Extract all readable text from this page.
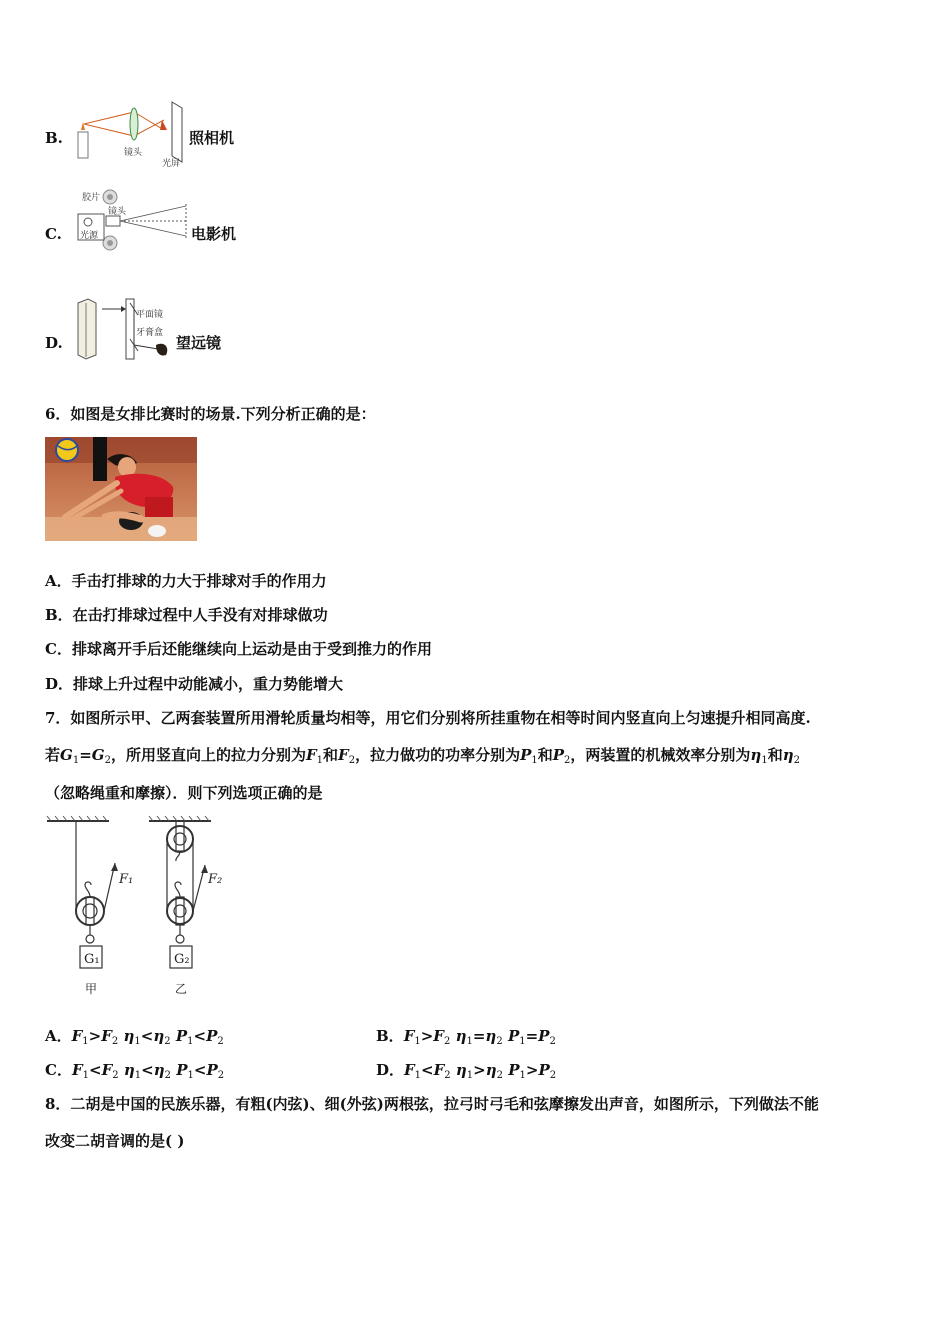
B.
镜头
光屏
照相机
C.
胶片
镜头
光源	电影机
D.
平面镜
牙膏盒
望远镜
6．如图是女排比赛时的场景.下列分析正确的是：
A．手击打排球的力大于排球对手的作用力
B．在击打排球过程中人手没有对排球做功
C．排球离开手后还能继续向上运动是由于受到推力的作用
D．排球上升过程中动能减小，重力势能增大
7．如图所示甲、乙两套装置所用滑轮质量均相等，用它们分别将所挂重物在相等时间内竖直向上匀速提升相同高度.
若$G_1=G_2$，所用竖直向上的拉力分别为$F_1$和$F_2$，拉力做功的功率分别为$P_1$和$P_2$，两装置的机械效率分别为$\eta_1$和$\eta_2$
（忽略绳重和摩擦）．则下列选项正确的是
F₁
G₁
甲
F₂
G₂
乙
A．$F_1>F_2$ $\eta_1<\eta_2$ $P_1<P_2$	B．$F_1>F_2$ $\eta_1=\eta_2$ $P_1=P_2$
C．$F_1<F_2$ $\eta_1<\eta_2$ $P_1<P_2$	D．$F_1<F_2$ $\eta_1>\eta_2$ $P_1>P_2$
8．二胡是中国的民族乐器，有粗(内弦)、细(外弦)两根弦，拉弓时弓毛和弦摩擦发出声音，如图所示，下列做法不能
改变二胡音调的是( )
